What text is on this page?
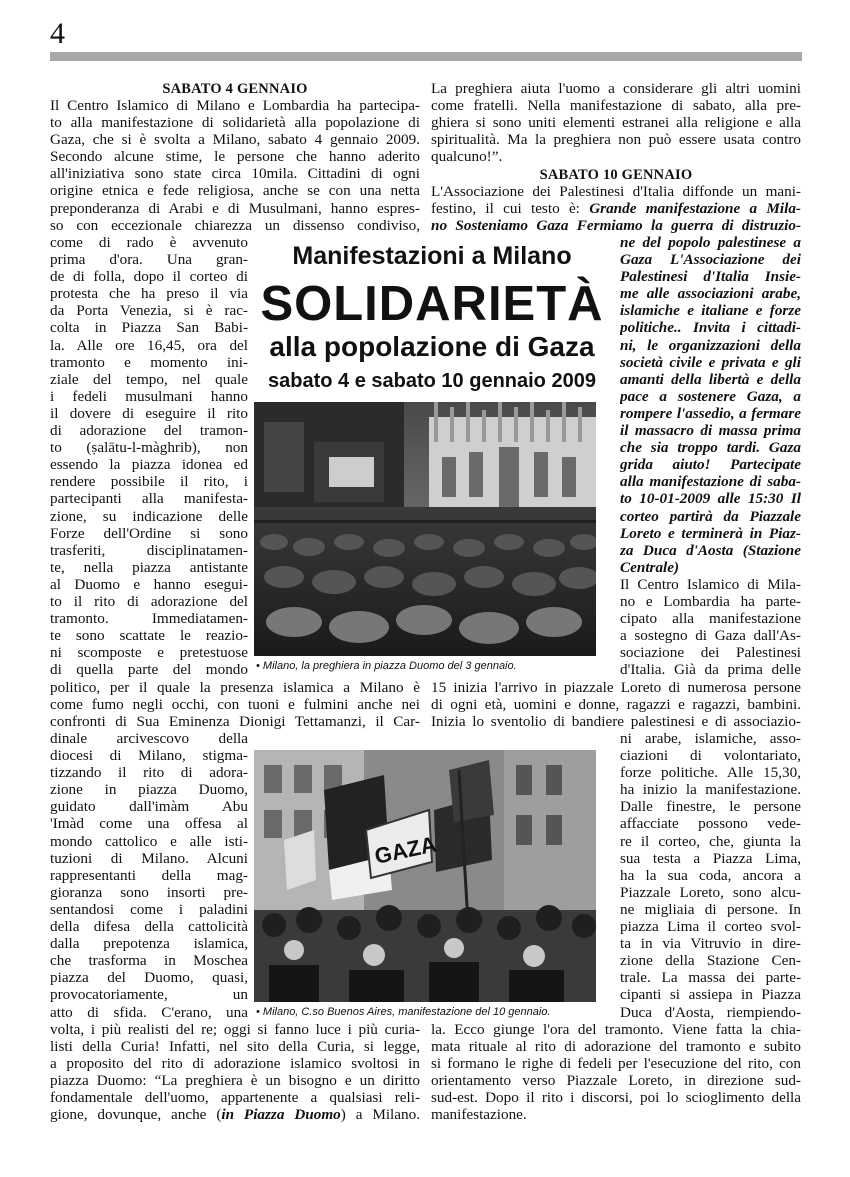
4
SABATO 4 GENNAIO
Il Centro Islamico di Milano e Lombardia ha partecipa-
to alla manifestazione di solidarietà alla popolazione di
Gaza, che si è svolta a Milano, sabato 4 gennaio 2009.
Secondo alcune stime, le persone che hanno aderito
all'iniziativa sono state circa 10mila. Cittadini di ogni
origine etnica e fede religiosa, anche se con una netta
preponderanza di Arabi e di Musulmani, hanno espres-
so con eccezionale chiarezza un dissenso condiviso,
come di rado è avvenuto
prima d'ora. Una gran-
de di folla, dopo il corteo di
protesta che ha preso il via
da Porta Venezia, si è rac-
colta in Piazza San Babi-
la. Alle ore 16,45, ora del
tramonto e momento ini-
ziale del tempo, nel quale
i fedeli musulmani hanno
il dovere di eseguire il rito
di adorazione del tramon-
to (ṣalātu-l-màghrib), non
essendo la piazza idonea ed
rendere possibile il rito, i
partecipanti alla manifesta-
zione, su indicazione delle
Forze dell'Ordine si sono
trasferiti, disciplinatamen-
te, nella piazza antistante
al Duomo e hanno esegui-
to il rito di adorazione del
tramonto. Immediatamen-
te sono scattate le reazio-
ni scomposte e pretestuose
di quella parte del mondo
politico, per il quale la presenza islamica a Milano è
come fumo negli occhi, con tuoni e fulmini anche nei
confronti di Sua Eminenza Dionigi Tettamanzi, il Car-
dinale arcivescovo della
diocesi di Milano, stigma-
tizzando il rito di adora-
zione in piazza Duomo,
guidato dall'imàm Abu
'Imàd come una offesa al
mondo cattolico e alle isti-
tuzioni di Milano. Alcuni
rappresentanti della mag-
gioranza sono insorti pre-
sentandosi come i paladini
della difesa della cattolicità
dalla prepotenza islamica,
che trasforma in Moschea
piazza del Duomo, quasi,
provocatoriamente, un
atto di sfida. C'erano, una
volta, i più realisti del re; oggi si fanno luce i più curia-
listi della Curia! Infatti, nel sito della Curia, si legge,
a proposito del rito di adorazione islamico svoltosi in
piazza Duomo: “La preghiera è un bisogno e un diritto
fondamentale dell'uomo, appartenente a qualsiasi reli-
gione, dovunque, anche (in Piazza Duomo) a Milano.
La preghiera aiuta l'uomo a considerare gli altri uomini
come fratelli. Nella manifestazione di sabato, alla pre-
ghiera si sono uniti elementi estranei alla religione e alla
spiritualità. Ma la preghiera non può essere usata contro
qualcuno!”.
SABATO 10 GENNAIO
L'Associazione dei Palestinesi d'Italia diffonde un mani-
festino, il cui testo è: Grande manifestazione a Mila-
no Sosteniamo Gaza Fermiamo la guerra di distruzio-
ne del popolo palestinese a
Gaza L'Associazione dei
Palestinesi d'Italia Insie-
me alle associazioni arabe,
islamiche e italiane e forze
politiche.. Invita i cittadi-
ni, le organizzazioni della
società civile e privata e gli
amanti della libertà e della
pace a sostenere Gaza, a
rompere l'assedio, a fermare
il massacro di massa prima
che sia troppo tardi. Gaza
grida aiuto! Partecipate
alla manifestazione di saba-
to 10-01-2009 alle 15:30 Il
corteo partirà da Piazzale
Loreto e terminerà in Piaz-
za Duca d'Aosta (Stazione
Centrale)
Il Centro Islamico di Mila-
no e Lombardia ha parte-
cipato alla manifestazione
a sostegno di Gaza dall'As-
sociazione dei Palestinesi
d'Italia. Già da prima delle
15 inizia l'arrivo in piazzale Loreto di numerosa persone
di ogni età, uomini e donne, ragazzi e ragazzi, bambini.
Inizia lo sventolio di bandiere palestinesi e di associazio-
ni arabe, islamiche, asso-
ciazioni di volontariato,
forze politiche. Alle 15,30,
ha inizio la manifestazione.
Dalle finestre, le persone
affacciate possono vede-
re il corteo, che, giunta la
sua testa a Piazza Lima,
ha la sua coda, ancora a
Piazzale Loreto, sono alcu-
ne migliaia di persone. In
piazza Lima il corteo svol-
ta in via Vitruvio in dire-
zione della Stazione Cen-
trale. La massa dei parte-
cipanti si assiepa in Piazza
Duca d'Aosta, riempiendo-
la. Ecco giunge l'ora del tramonto. Viene fatta la chia-
mata rituale al rito di adorazione del tramonto e subito
si formano le righe di fedeli per l'esecuzione del rito, con
orientamento verso Piazzale Loreto, in direzione sud-
sud-est. Dopo il rito i discorsi, poi lo scioglimento della
manifestazione.
Manifestazioni a Milano
SOLIDARIETÀ
alla popolazione di Gaza
sabato 4 e sabato 10 gennaio 2009
• Milano, la preghiera in piazza Duomo del 3 gennaio.
GAZA
• Milano, C.so Buenos Aires, manifestazione del 10 gennaio.
